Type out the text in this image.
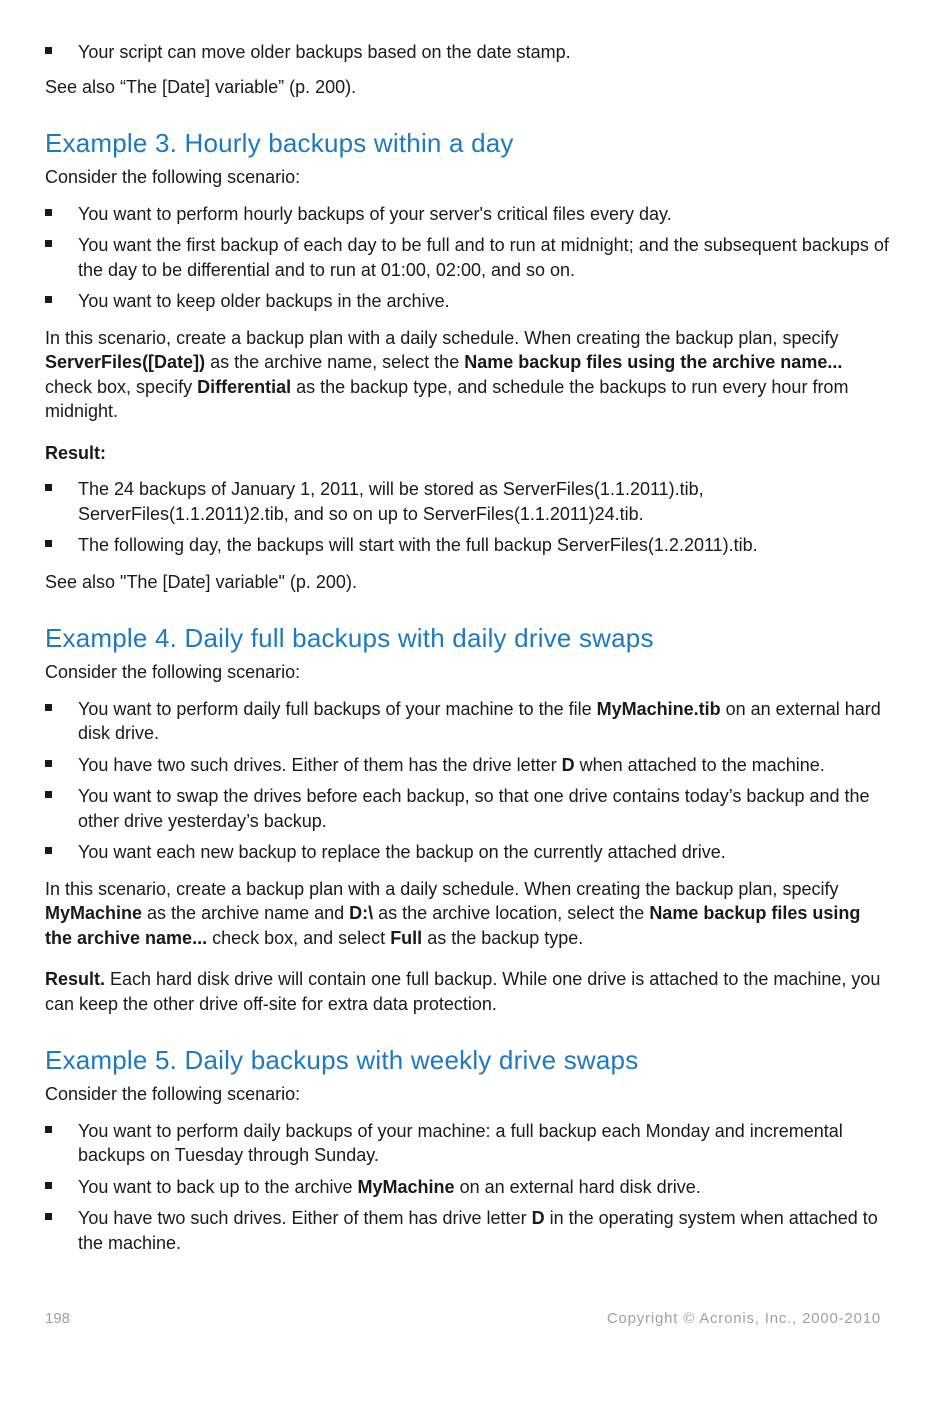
Your script can move older backups based on the date stamp.

See also “The [Date] variable” (p. 200).

Example 3. Hourly backups within a day

Consider the following scenario:

You want to perform hourly backups of your server's critical files every day.
You want the first backup of each day to be full and to run at midnight; and the subsequent backups of the day to be differential and to run at 01:00, 02:00, and so on.
You want to keep older backups in the archive.

In this scenario, create a backup plan with a daily schedule. When creating the backup plan, specify ServerFiles([Date]) as the archive name, select the Name backup files using the archive name... check box, specify Differential as the backup type, and schedule the backups to run every hour from midnight.

Result:

The 24 backups of January 1, 2011, will be stored as ServerFiles(1.1.2011).tib, ServerFiles(1.1.2011)2.tib, and so on up to ServerFiles(1.1.2011)24.tib.
The following day, the backups will start with the full backup ServerFiles(1.2.2011).tib.

See also "The [Date] variable" (p. 200).

Example 4. Daily full backups with daily drive swaps

Consider the following scenario:

You want to perform daily full backups of your machine to the file MyMachine.tib on an external hard disk drive.
You have two such drives. Either of them has the drive letter D when attached to the machine.
You want to swap the drives before each backup, so that one drive contains today’s backup and the other drive yesterday’s backup.
You want each new backup to replace the backup on the currently attached drive.

In this scenario, create a backup plan with a daily schedule. When creating the backup plan, specify MyMachine as the archive name and D:\ as the archive location, select the Name backup files using the archive name... check box, and select Full as the backup type.

Result. Each hard disk drive will contain one full backup. While one drive is attached to the machine, you can keep the other drive off-site for extra data protection.

Example 5. Daily backups with weekly drive swaps

Consider the following scenario:

You want to perform daily backups of your machine: a full backup each Monday and incremental backups on Tuesday through Sunday.
You want to back up to the archive MyMachine on an external hard disk drive.
You have two such drives. Either of them has drive letter D in the operating system when attached to the machine.
198	Copyright © Acronis, Inc., 2000-2010
